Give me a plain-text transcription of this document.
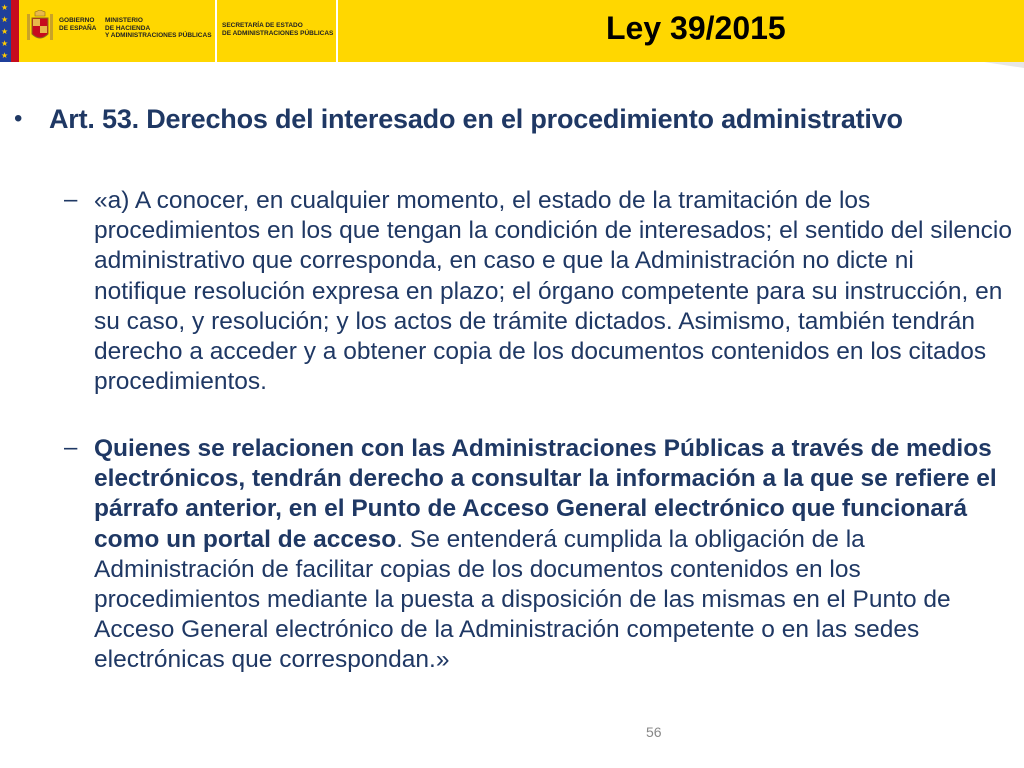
★
★
★
★
★
GOBIERNO
DE ESPAÑA
MINISTERIO
DE HACIENDA
Y ADMINISTRACIONES PÚBLICAS
SECRETARÍA DE ESTADO
DE ADMINISTRACIONES PÚBLICAS	Ley 39/2015
• Art. 53. Derechos del interesado en el procedimiento administrativo
– «a) A conocer, en cualquier momento, el estado de la tramitación de los procedimientos en los que tengan la condición de interesados; el sentido del silencio administrativo que corresponda, en caso e que la Administración no dicte ni notifique resolución expresa en plazo; el órgano competente para su instrucción, en su caso, y resolución; y los actos de trámite dictados. Asimismo, también tendrán derecho a acceder y a obtener copia de los documentos contenidos en los citados procedimientos.
– Quienes se relacionen con las Administraciones Públicas a través de medios electrónicos, tendrán derecho a consultar la información a la que se refiere el párrafo anterior, en el Punto de Acceso General electrónico que funcionará como un portal de acceso. Se entenderá cumplida la obligación de la Administración de facilitar copias de los documentos contenidos en los procedimientos mediante la puesta a disposición de las mismas en el Punto de Acceso General electrónico de la Administración competente o en las sedes electrónicas que correspondan.»
56
